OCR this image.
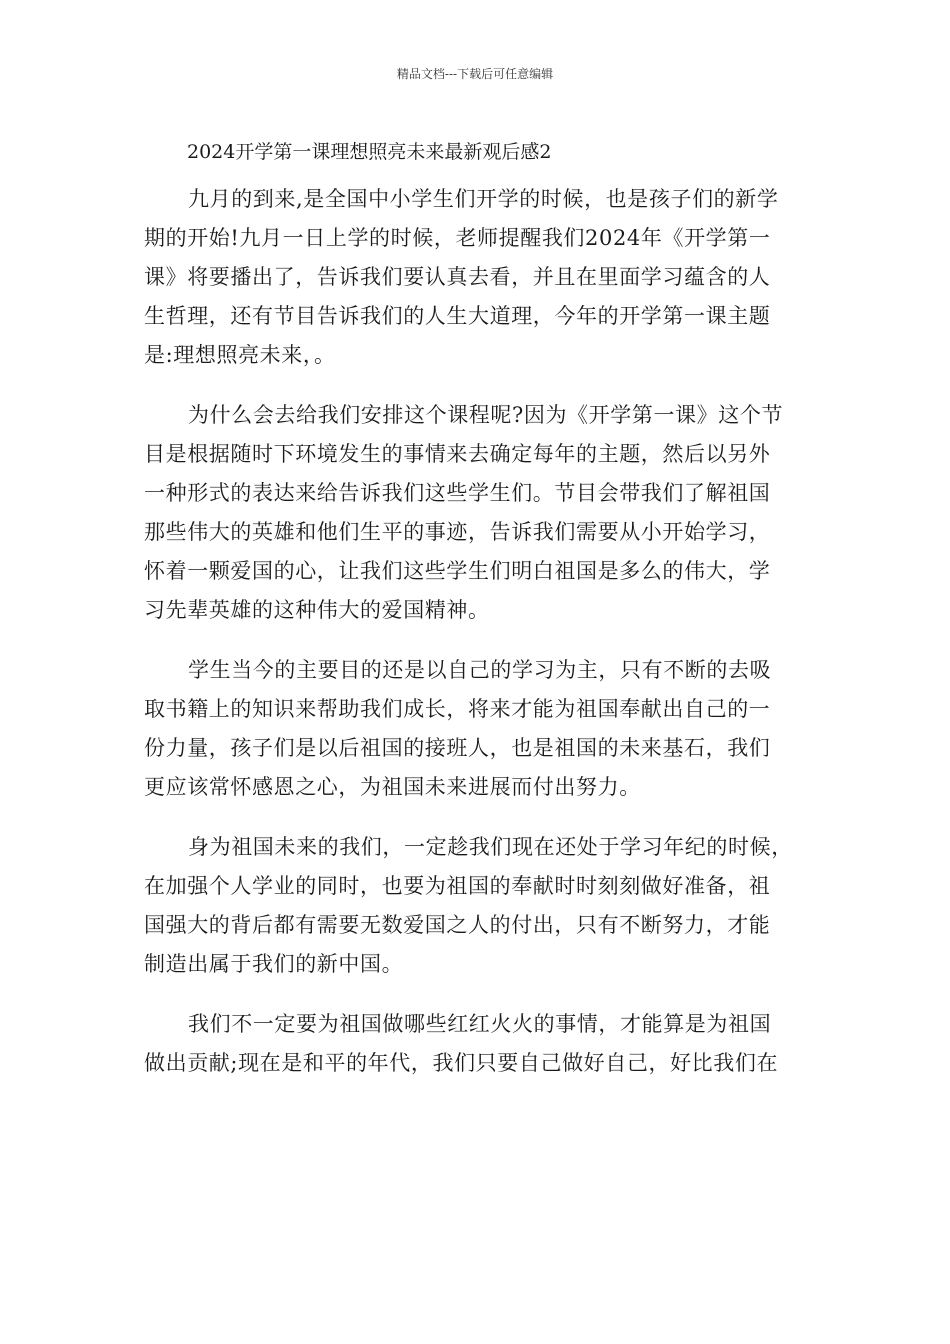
精品文档---下载后可任意编辑
2024开学第一课理想照亮未来最新观后感2

九月的到来,是全国中小学生们开学的时候，也是孩子们的新学
期的开始!九月一日上学的时候，老师提醒我们2024年《开学第一
课》将要播出了，告诉我们要认真去看，并且在里面学习蕴含的人
生哲理，还有节目告诉我们的人生大道理，今年的开学第一课主题
是:理想照亮未来，。

为什么会去给我们安排这个课程呢?因为《开学第一课》这个节
目是根据随时下环境发生的事情来去确定每年的主题，然后以另外
一种形式的表达来给告诉我们这些学生们。节目会带我们了解祖国
那些伟大的英雄和他们生平的事迹，告诉我们需要从小开始学习，
怀着一颗爱国的心，让我们这些学生们明白祖国是多么的伟大，学
习先辈英雄的这种伟大的爱国精神。

学生当今的主要目的还是以自己的学习为主，只有不断的去吸
取书籍上的知识来帮助我们成长，将来才能为祖国奉献出自己的一
份力量，孩子们是以后祖国的接班人，也是祖国的未来基石，我们
更应该常怀感恩之心，为祖国未来进展而付出努力。

身为祖国未来的我们，一定趁我们现在还处于学习年纪的时候，
在加强个人学业的同时，也要为祖国的奉献时时刻刻做好准备，祖
国强大的背后都有需要无数爱国之人的付出，只有不断努力，才能
制造出属于我们的新中国。

我们不一定要为祖国做哪些红红火火的事情，才能算是为祖国
做出贡献;现在是和平的年代，我们只要自己做好自己，好比我们在
